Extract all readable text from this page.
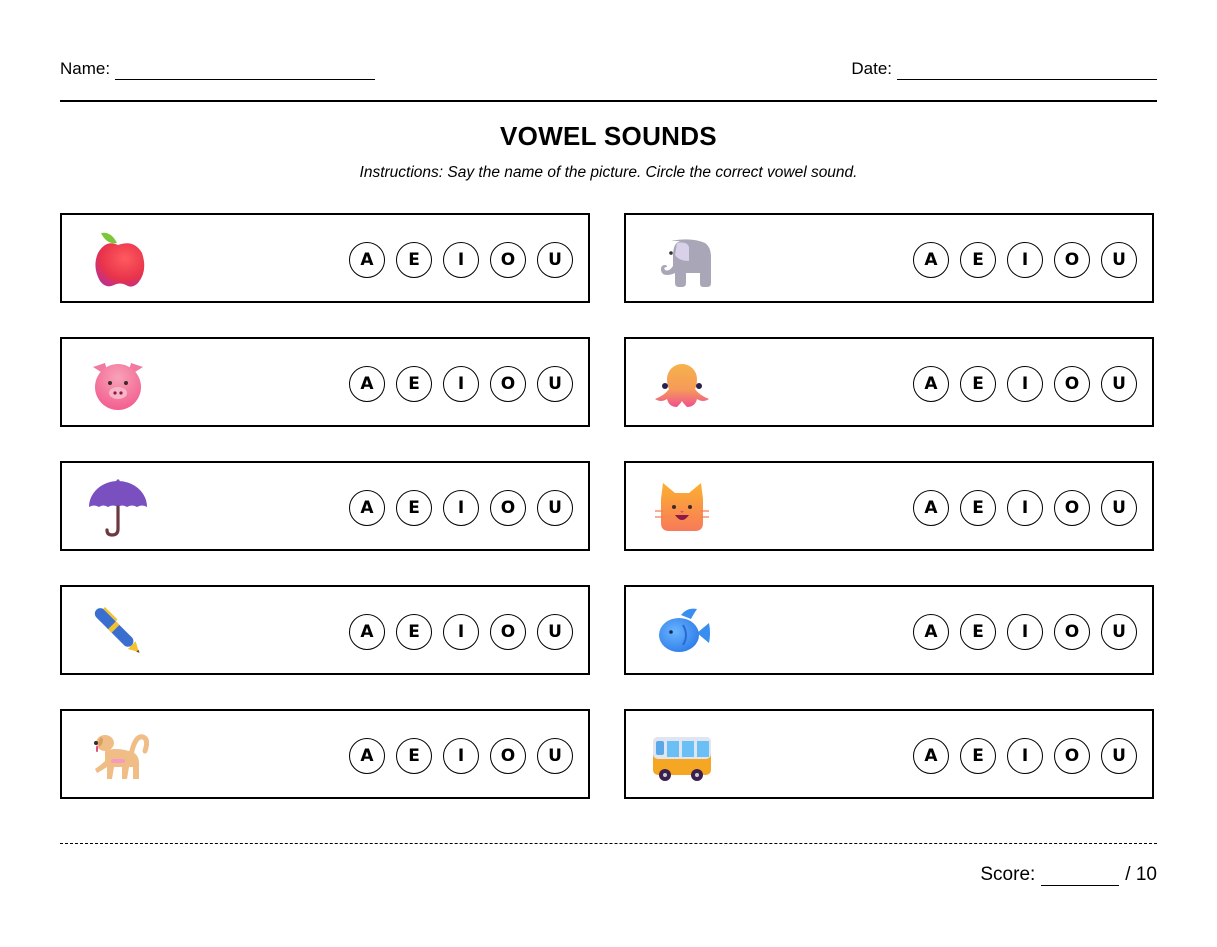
Name:	Date:
VOWEL SOUNDS
Instructions: Say the name of the picture. Circle the correct vowel sound.
A	E	I	O	U	A	E	I	O	U
A	E	I	O	U	A	E	I	O	U
A	E	I	O	U	A	E	I	O	U
A	E	I	O	U	A	E	I	O	U
A	E	I	O	U	A	E	I	O	U
Score:	/ 10
